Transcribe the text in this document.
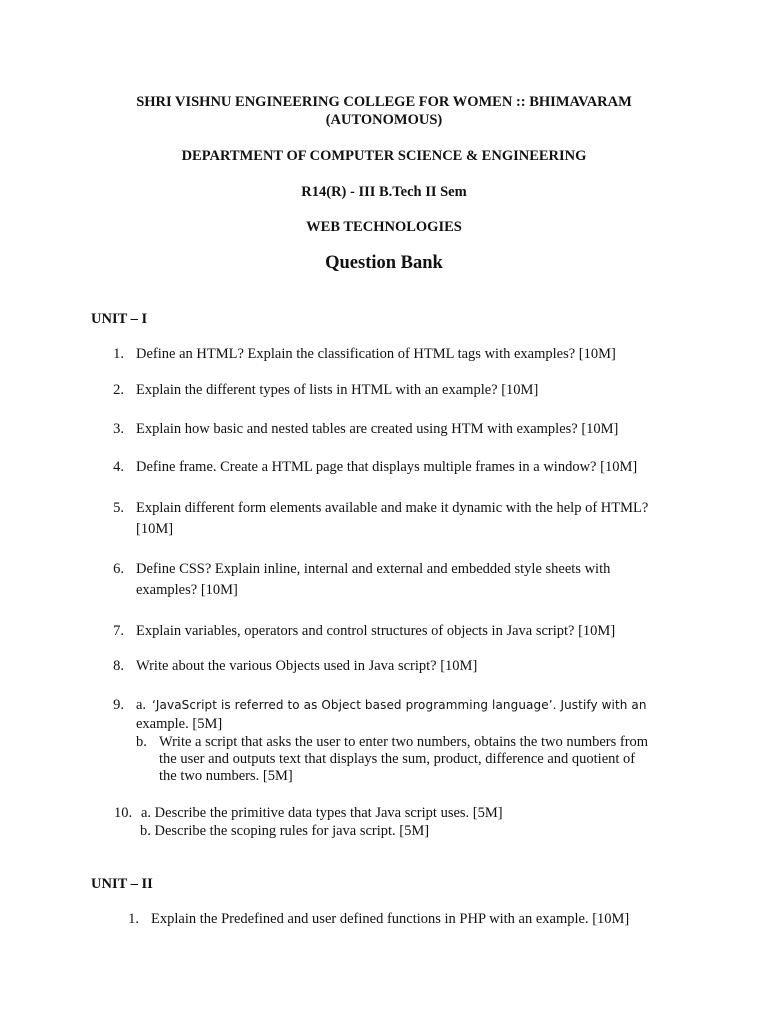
SHRI VISHNU ENGINEERING COLLEGE FOR WOMEN :: BHIMAVARAM
(AUTONOMOUS)
DEPARTMENT OF COMPUTER SCIENCE & ENGINEERING
R14(R) - III B.Tech II Sem
WEB TECHNOLOGIES
Question Bank
UNIT – I
1. Define an HTML? Explain the classification of HTML tags with examples? [10M]
2. Explain the different types of lists in HTML with an example? [10M]
3. Explain how basic and nested tables are created using HTM with examples? [10M]
4. Define frame. Create a HTML page that displays multiple frames in a window? [10M]
5. Explain different form elements available and make it dynamic with the help of HTML?
[10M]
6. Define CSS? Explain inline, internal and external and embedded style sheets with
examples? [10M]
7. Explain variables, operators and control structures of objects in Java script? [10M]
8. Write about the various Objects used in Java script? [10M]
9. a. ‘JavaScript is referred to as Object based programming language’. Justify with an
example. [5M]
b. Write a script that asks the user to enter two numbers, obtains the two numbers from
the user and outputs text that displays the sum, product, difference and quotient of
the two numbers. [5M]
10. a. Describe the primitive data types that Java script uses. [5M]
b. Describe the scoping rules for java script. [5M]
UNIT – II
1. Explain the Predefined and user defined functions in PHP with an example. [10M]
